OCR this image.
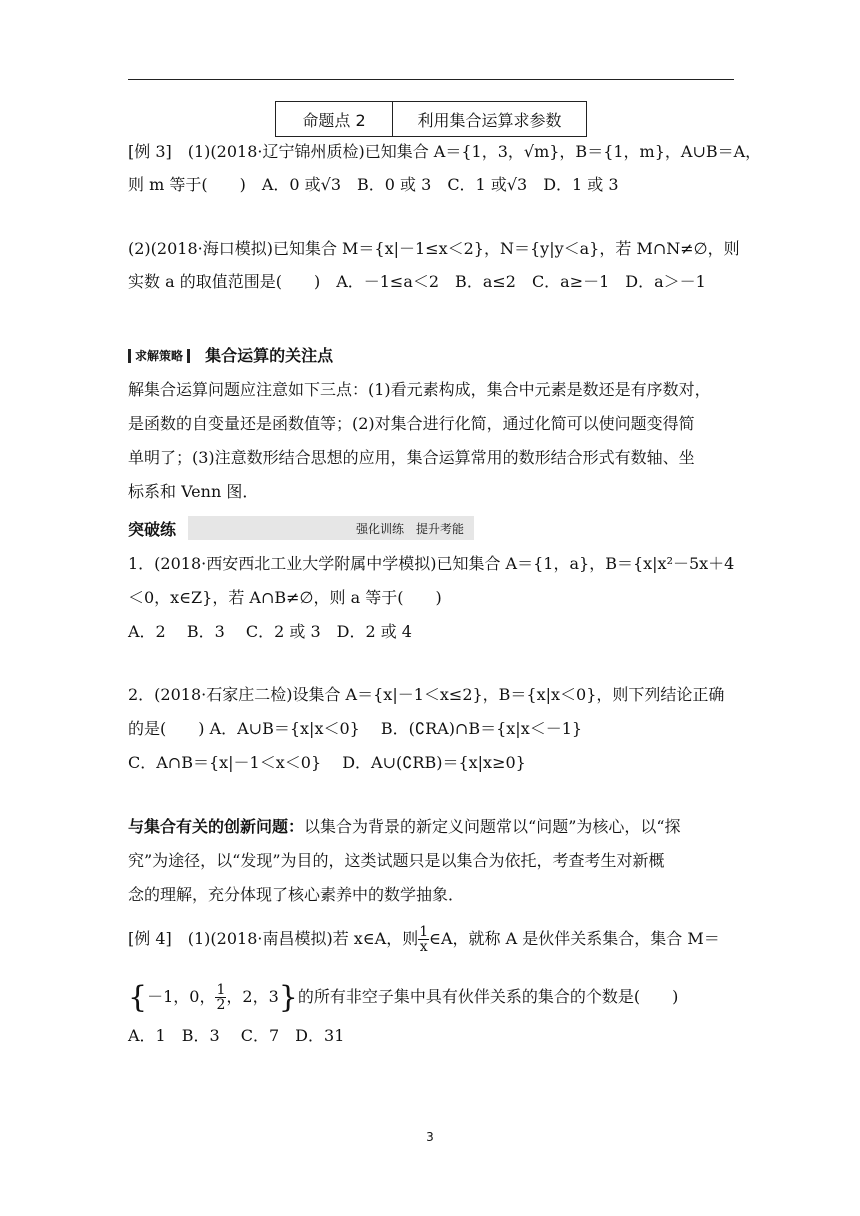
命题点 2	利用集合运算求参数
[例 3]　(1)(2018·辽宁锦州质检)已知集合 A＝{1，3，√m}，B＝{1，m}，A∪B＝A，
则 m 等于(　　)　A．0 或√3　B．0 或 3　C．1 或√3　D．1 或 3
(2)(2018·海口模拟)已知集合 M＝{x|－1≤x＜2}，N＝{y|y＜a}，若 M∩N≠∅，则
实数 a 的取值范围是(　　)　A．－1≤a＜2　B．a≤2　C．a≥－1　D．a＞－1
求解策略 集合运算的关注点
解集合运算问题应注意如下三点：(1)看元素构成，集合中元素是数还是有序数对，
是函数的自变量还是函数值等；(2)对集合进行化简，通过化简可以使问题变得简
单明了；(3)注意数形结合思想的应用，集合运算常用的数形结合形式有数轴、坐
标系和 Venn 图．
突破练	强化训练　提升考能
1．(2018·西安西北工业大学附属中学模拟)已知集合 A＝{1，a}，B＝{x|x²－5x＋4
＜0，x∈Z}，若 A∩B≠∅，则 a 等于(　　)
A．2　 B．3　 C．2 或 3　D．2 或 4
2．(2018·石家庄二检)设集合 A＝{x|－1＜x≤2}，B＝{x|x＜0}，则下列结论正确
的是(　　) A．A∪B＝{x|x＜0}　 B．(∁RA)∩B＝{x|x＜－1}
C．A∩B＝{x|－1＜x＜0}　 D．A∪(∁RB)＝{x|x≥0}
与集合有关的创新问题：以集合为背景的新定义问题常以“问题”为核心，以“探
究”为途径，以“发现”为目的，这类试题只是以集合为依托，考查考生对新概
念的理解，充分体现了核心素养中的数学抽象．
[例 4]　(1)(2018·南昌模拟)若 x∈A，则 $\frac{1}{x}$ ∈A，就称 A 是伙伴关系集合，集合 M＝
{－1，0， $\frac{1}{2}$ ，2，3}的所有非空子集中具有伙伴关系的集合的个数是(　　)
A．1　B．3　 C．7　D．31
3
